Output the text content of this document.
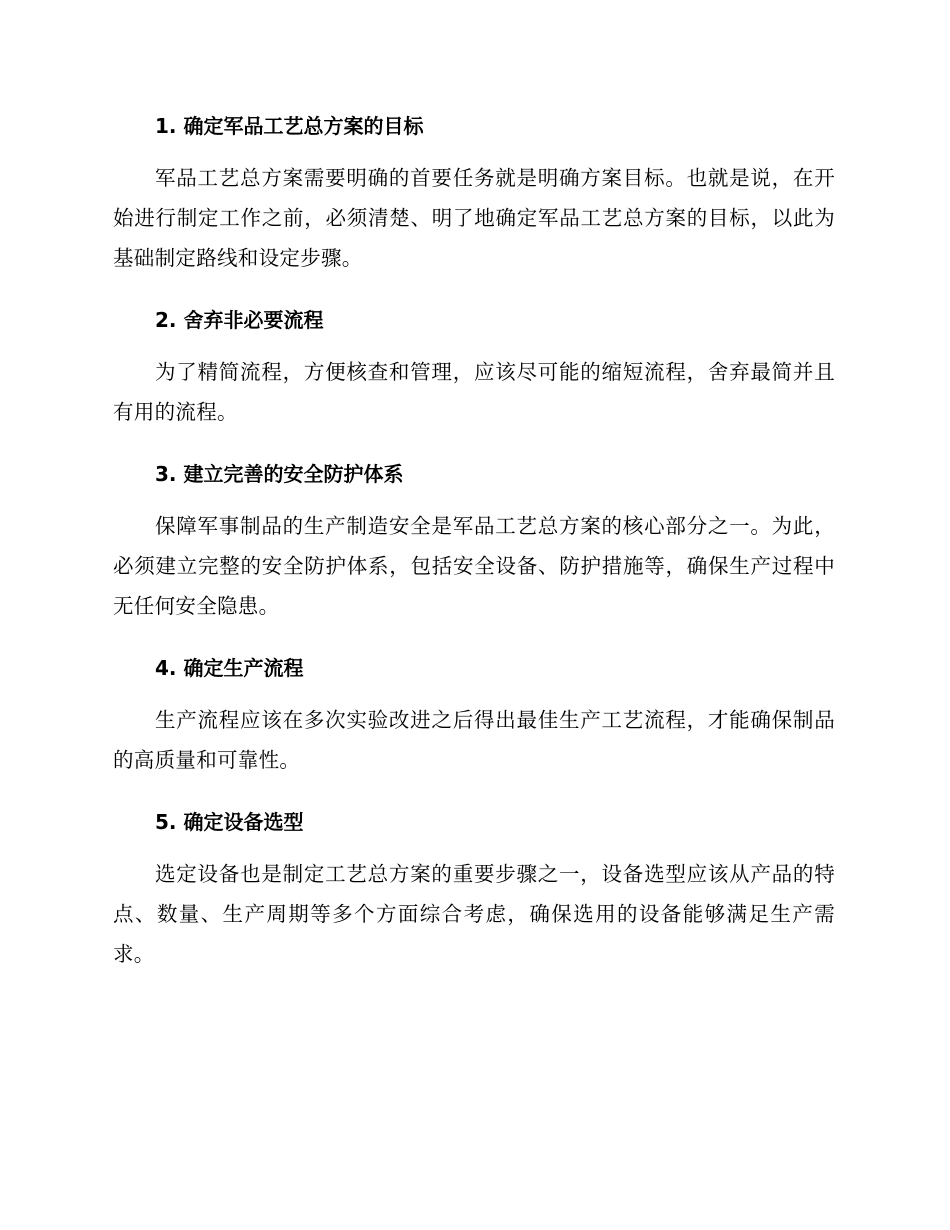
1. 确定军品工艺总方案的目标

军品工艺总方案需要明确的首要任务就是明确方案目标。也就是说，在开始进行制定工作之前，必须清楚、明了地确定军品工艺总方案的目标，以此为基础制定路线和设定步骤。

2. 舍弃非必要流程

为了精简流程，方便核查和管理，应该尽可能的缩短流程，舍弃最简并且有用的流程。

3. 建立完善的安全防护体系

保障军事制品的生产制造安全是军品工艺总方案的核心部分之一。为此，必须建立完整的安全防护体系，包括安全设备、防护措施等，确保生产过程中无任何安全隐患。

4. 确定生产流程

生产流程应该在多次实验改进之后得出最佳生产工艺流程，才能确保制品的高质量和可靠性。

5. 确定设备选型

选定设备也是制定工艺总方案的重要步骤之一，设备选型应该从产品的特点、数量、生产周期等多个方面综合考虑，确保选用的设备能够满足生产需求。
